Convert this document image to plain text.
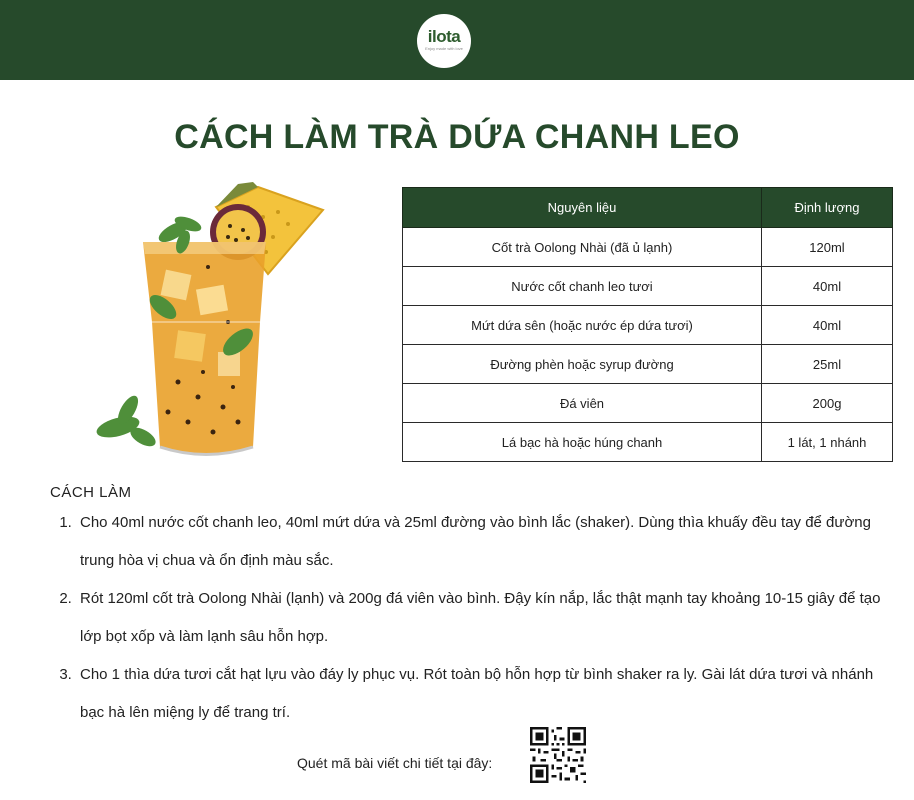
ilota
Enjoy made with love
CÁCH LÀM TRÀ DỨA CHANH LEO
Nguyên liệu	Định lượng
Cốt trà Oolong Nhài (đã ủ lạnh)	120ml
Nước cốt chanh leo tươi	40ml
Mứt dứa sên (hoặc nước ép dứa tươi)	40ml
Đường phèn hoặc syrup đường	25ml
Đá viên	200g
Lá bạc hà hoặc húng chanh	1 lát, 1 nhánh
CÁCH LÀM
1. Cho 40ml nước cốt chanh leo, 40ml mứt dứa và 25ml đường vào bình lắc (shaker). Dùng thìa khuấy đều tay để đường trung hòa vị chua và ổn định màu sắc.
2. Rót 120ml cốt trà Oolong Nhài (lạnh) và 200g đá viên vào bình. Đậy kín nắp, lắc thật mạnh tay khoảng 10-15 giây để tạo lớp bọt xốp và làm lạnh sâu hỗn hợp.
3. Cho 1 thìa dứa tươi cắt hạt lựu vào đáy ly phục vụ. Rót toàn bộ hỗn hợp từ bình shaker ra ly. Gài lát dứa tươi và nhánh bạc hà lên miệng ly để trang trí.
Quét mã bài viết chi tiết tại đây:
